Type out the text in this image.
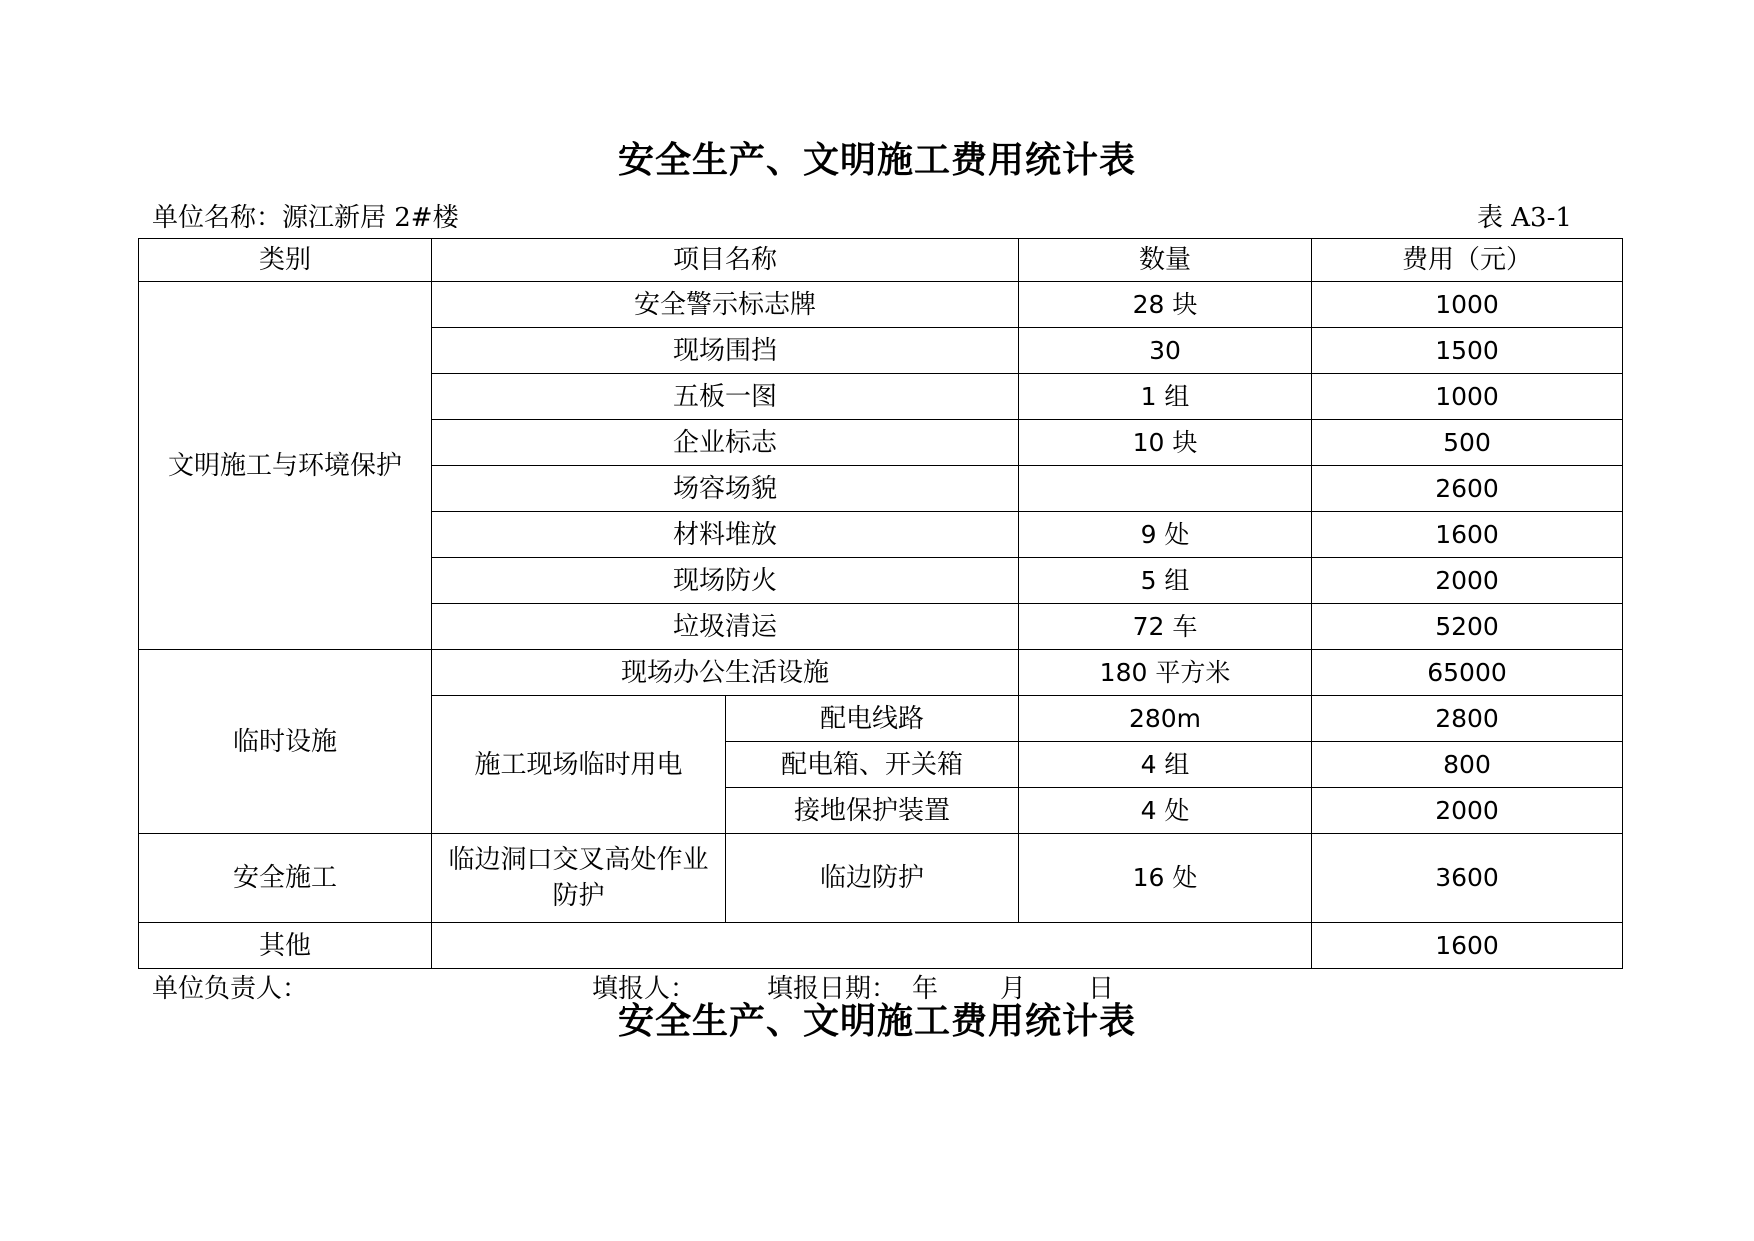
安全生产、文明施工费用统计表
单位名称：源江新居 2#楼	表 A3-1
类别	项目名称		数量	费用（元）
文明施工与环境保护	安全警示标志牌		28 块	1000
	现场围挡		30	1500
	五板一图		1 组	1000
	企业标志		10 块	500
	场容场貌			2600
	材料堆放		9 处	1600
	现场防火		5 组	2000
	垃圾清运		72 车	5200
临时设施	现场办公生活设施		180 平方米	65000
	施工现场临时用电	配电线路	280m	2800
		配电箱、开关箱	4 组	800
		接地保护装置	4 处	2000
安全施工	临边洞口交叉高处作业防护	临边防护	16 处	3600
其他				1600
单位负责人：	填报人：	填报日期： 年 月 日
安全生产、文明施工费用统计表
